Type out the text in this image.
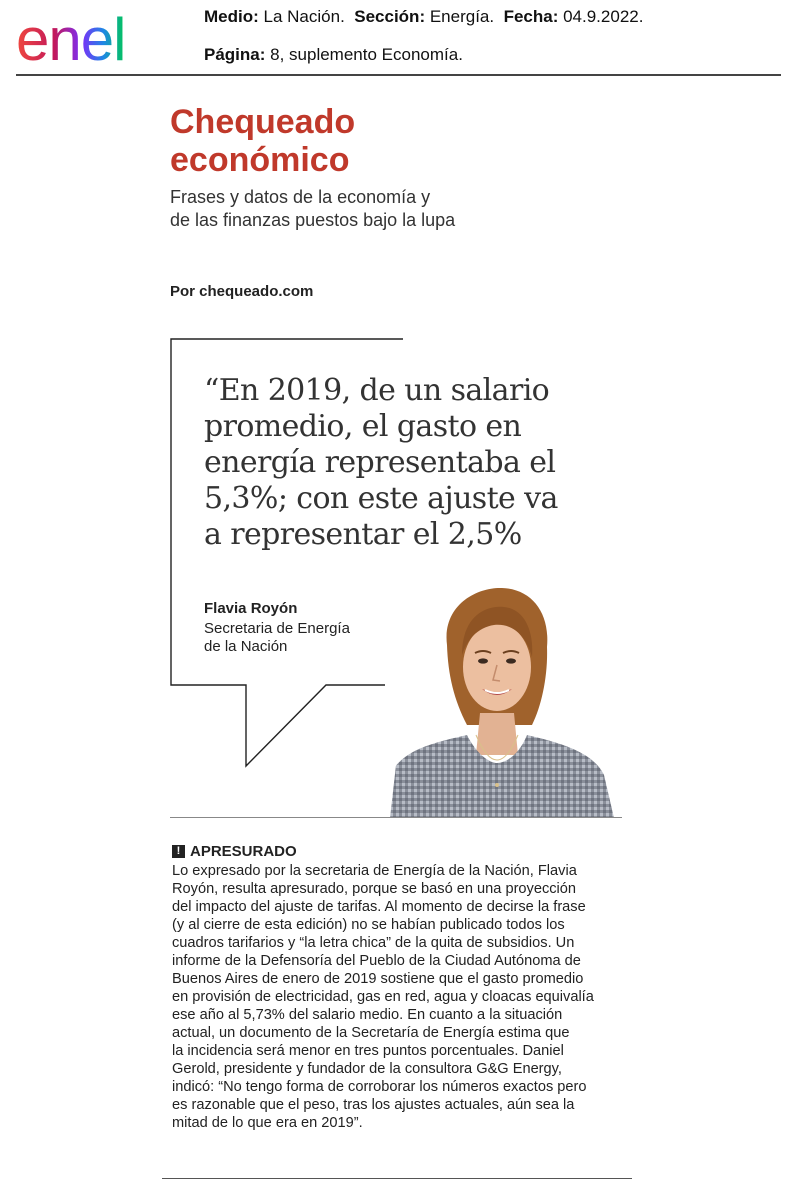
enel	Medio: La Nación. Sección: Energía. Fecha: 04.9.2022.
Página: 8, suplemento Economía.
Chequeado
económico
Frases y datos de la economía y
de las finanzas puestos bajo la lupa
Por chequeado.com
“En 2019, de un salario
promedio, el gasto en
energía representaba el
5,3%; con este ajuste va
a representar el 2,5%
Flavia Royón
Secretaria de Energía
de la Nación
! APRESURADO
Lo expresado por la secretaria de Energía de la Nación, Flavia
Royón, resulta apresurado, porque se basó en una proyección
del impacto del ajuste de tarifas. Al momento de decirse la frase
(y al cierre de esta edición) no se habían publicado todos los
cuadros tarifarios y “la letra chica” de la quita de subsidios. Un
informe de la Defensoría del Pueblo de la Ciudad Autónoma de
Buenos Aires de enero de 2019 sostiene que el gasto promedio
en provisión de electricidad, gas en red, agua y cloacas equivalía
ese año al 5,73% del salario medio. En cuanto a la situación
actual, un documento de la Secretaría de Energía estima que
la incidencia será menor en tres puntos porcentuales. Daniel
Gerold, presidente y fundador de la consultora G&G Energy,
indicó: “No tengo forma de corroborar los números exactos pero
es razonable que el peso, tras los ajustes actuales, aún sea la
mitad de lo que era en 2019”.
